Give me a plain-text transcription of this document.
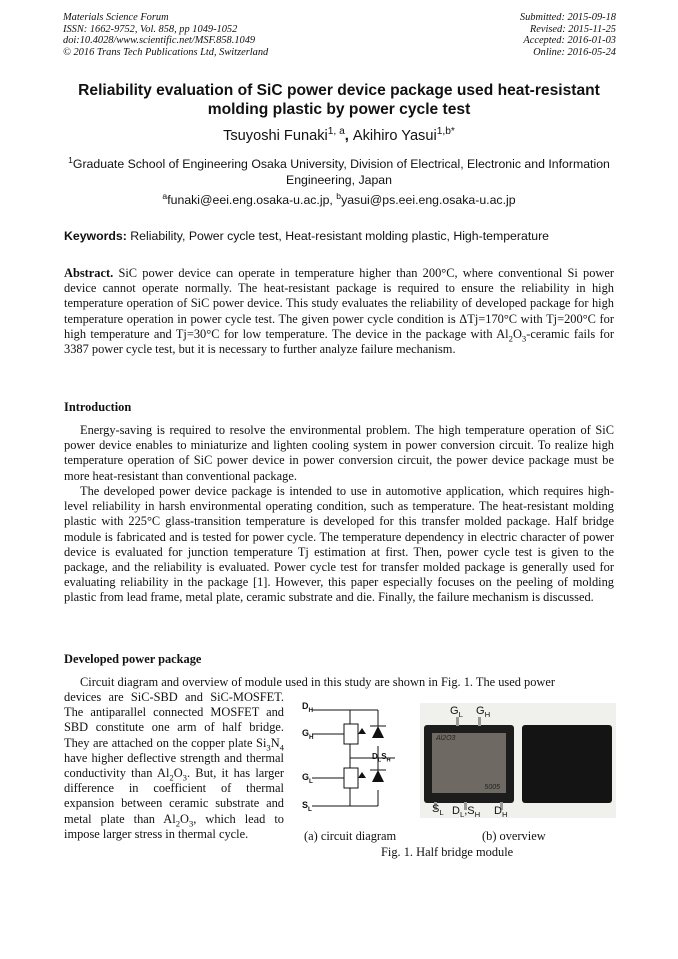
Materials Science Forum
ISSN: 1662-9752, Vol. 858, pp 1049-1052
doi:10.4028/www.scientific.net/MSF.858.1049
© 2016 Trans Tech Publications Ltd, Switzerland
Submitted: 2015-09-18
Revised: 2015-11-25
Accepted: 2016-01-03
Online: 2016-05-24
Reliability evaluation of SiC power device package used heat-resistant
molding plastic by power cycle test
Tsuyoshi Funaki$^{1, a}$, Akihiro Yasui$^{1,b*}$
$^1$Graduate School of Engineering Osaka University, Division of Electrical, Electronic and Information
Engineering, Japan
$^a$funaki@eei.eng.osaka-u.ac.jp, $^b$yasui@ps.eei.eng.osaka-u.ac.jp
Keywords: Reliability, Power cycle test, Heat-resistant molding plastic, High-temperature
Abstract. SiC power device can operate in temperature higher than 200°C, where conventional Si power device cannot operate normally. The heat-resistant package is required to ensure the reliability in high temperature operation of SiC power device. This study evaluates the reliability of developed package for high temperature operation in power cycle test. The given power cycle condition is ΔTj=170°C with Tj=200°C for high temperature and Tj=30°C for low temperature. The device in the package with $Al_2O_3$-ceramic fails for 3387 power cycle test, but it is necessary to further analyze failure mechanism.
Introduction
Energy-saving is required to resolve the environmental problem. The high temperature operation of SiC power device enables to miniaturize and lighten cooling system in power conversion circuit. To realize high temperature operation of SiC power device in power conversion circuit, the power device package must be more heat-resistant than conventional package.
The developed power device package is intended to use in automotive application, which requires high-level reliability in harsh environmental operating condition, such as temperature. The heat-resistant molding plastic with 225°C glass-transition temperature is developed for this transfer molded package. Half bridge module is fabricated and is tested for power cycle. The temperature dependency in electric character of power device is evaluated for junction temperature Tj estimation at first. Then, power cycle test is given to the package, and the reliability is evaluated. Power cycle test for transfer molded package is generally used for evaluating reliability in the package [1]. However, this paper especially focuses on the peeling of molding plastic from lead frame, metal plate, ceramic substrate and die. Finally, the failure mechanism is discussed.
Developed power package
Circuit diagram and overview of module used in this study are shown in Fig. 1. The used power
devices are SiC-SBD and SiC-MOSFET. The antiparallel connected MOSFET and SBD constitute one arm of half bridge. They are attached on the copper plate $Si_3N_4$ have higher deflective strength and thermal conductivity than $Al_2O_3$. But, it has larger difference in coefficient of thermal expansion between ceramic substrate and metal plate than $Al_2O_3$, which lead to impose larger stress in thermal cycle.
$D_H$
$G_H$
$D_LS_H$
$G_L$
$S_L$
Al2O3
5005
$G_L$ $G_H$
$S_L$ $D_L,S_H$ $D_H$
(a) circuit diagram	(b) overview
Fig. 1. Half bridge module
